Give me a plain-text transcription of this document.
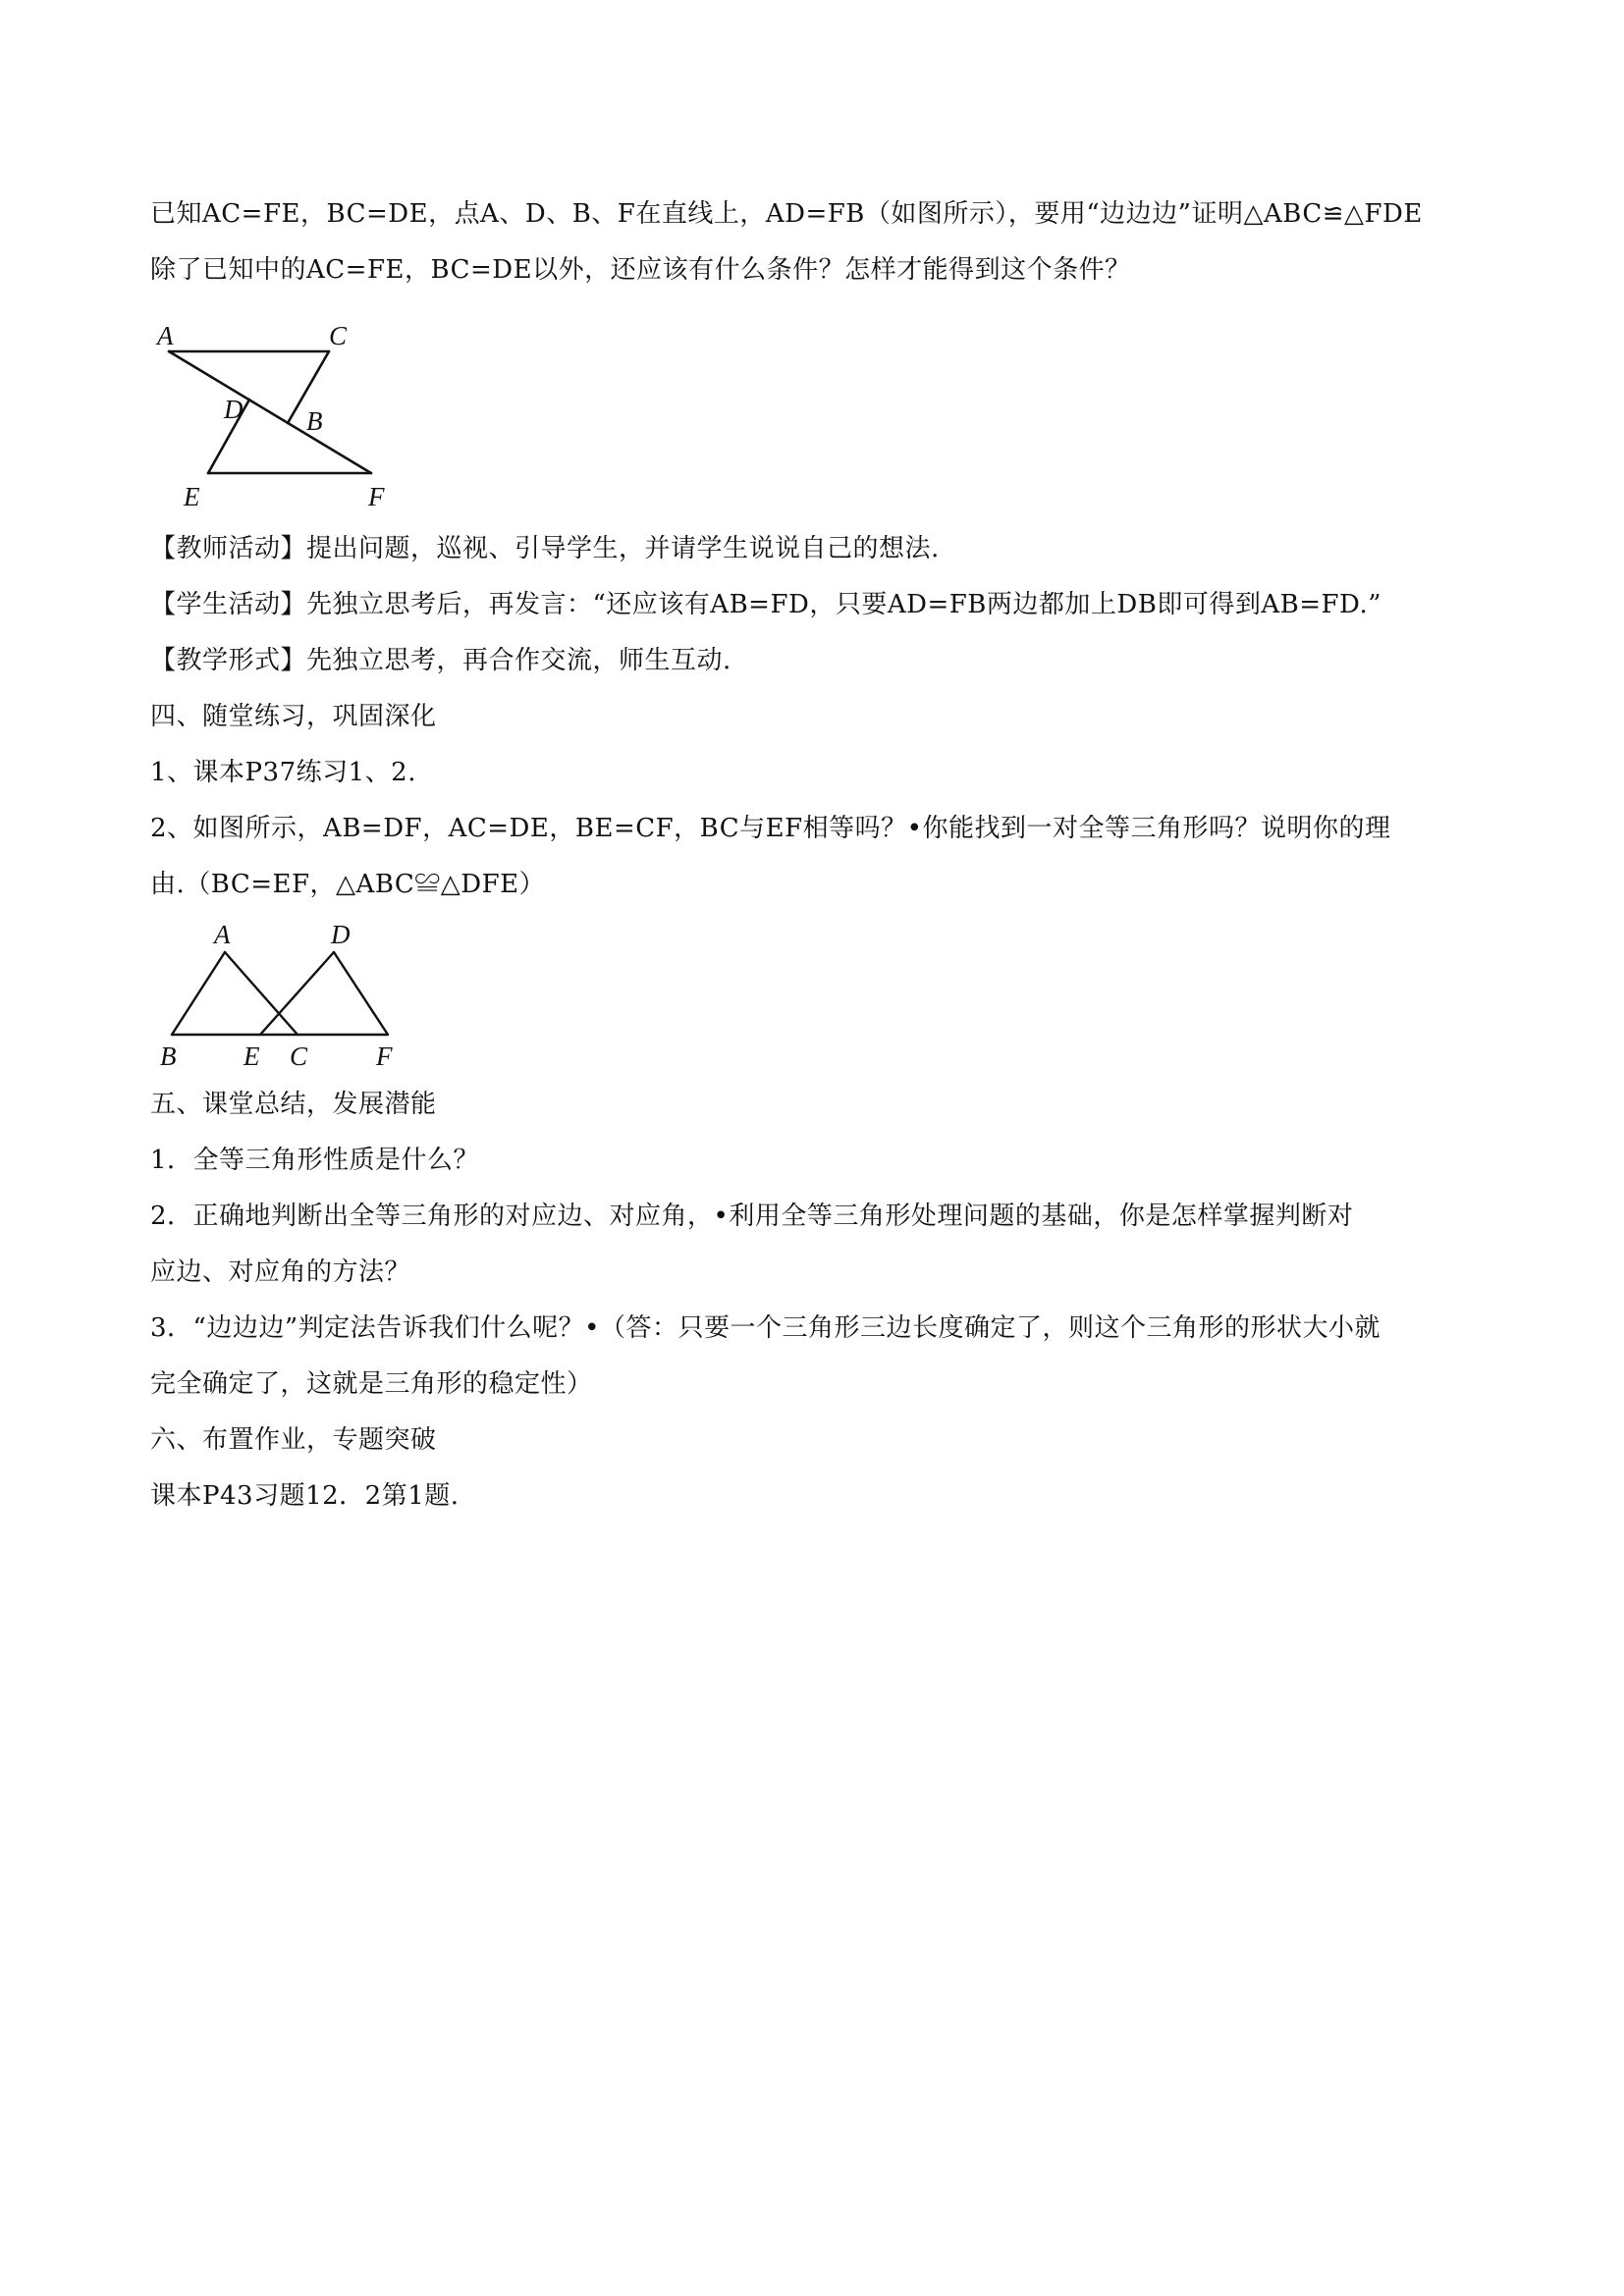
已知AC=FE，BC=DE，点A、D、B、F在直线上，AD=FB（如图所示），要用“边边边”证明△ABC≌△FDE
除了已知中的AC=FE，BC=DE以外，还应该有什么条件？怎样才能得到这个条件？
A	C
D B
E	F
【教师活动】提出问题，巡视、引导学生，并请学生说说自己的想法.
【学生活动】先独立思考后，再发言：“还应该有AB=FD，只要AD=FB两边都加上DB即可得到AB=FD.”
【教学形式】先独立思考，再合作交流，师生互动.
四、随堂练习，巩固深化
1、课本P37练习1、2.
2、如图所示，AB=DF，AC=DE，BE=CF，BC与EF相等吗？•你能找到一对全等三角形吗？说明你的理
由.（BC=EF，△ABC≌△DFE）
A	D
B	E C	F
五、课堂总结，发展潜能
1．全等三角形性质是什么？
2．正确地判断出全等三角形的对应边、对应角，•利用全等三角形处理问题的基础，你是怎样掌握判断对
应边、对应角的方法？
3．“边边边”判定法告诉我们什么呢？•（答：只要一个三角形三边长度确定了，则这个三角形的形状大小就
完全确定了，这就是三角形的稳定性）
六、布置作业，专题突破
课本P43习题12．2第1题.
